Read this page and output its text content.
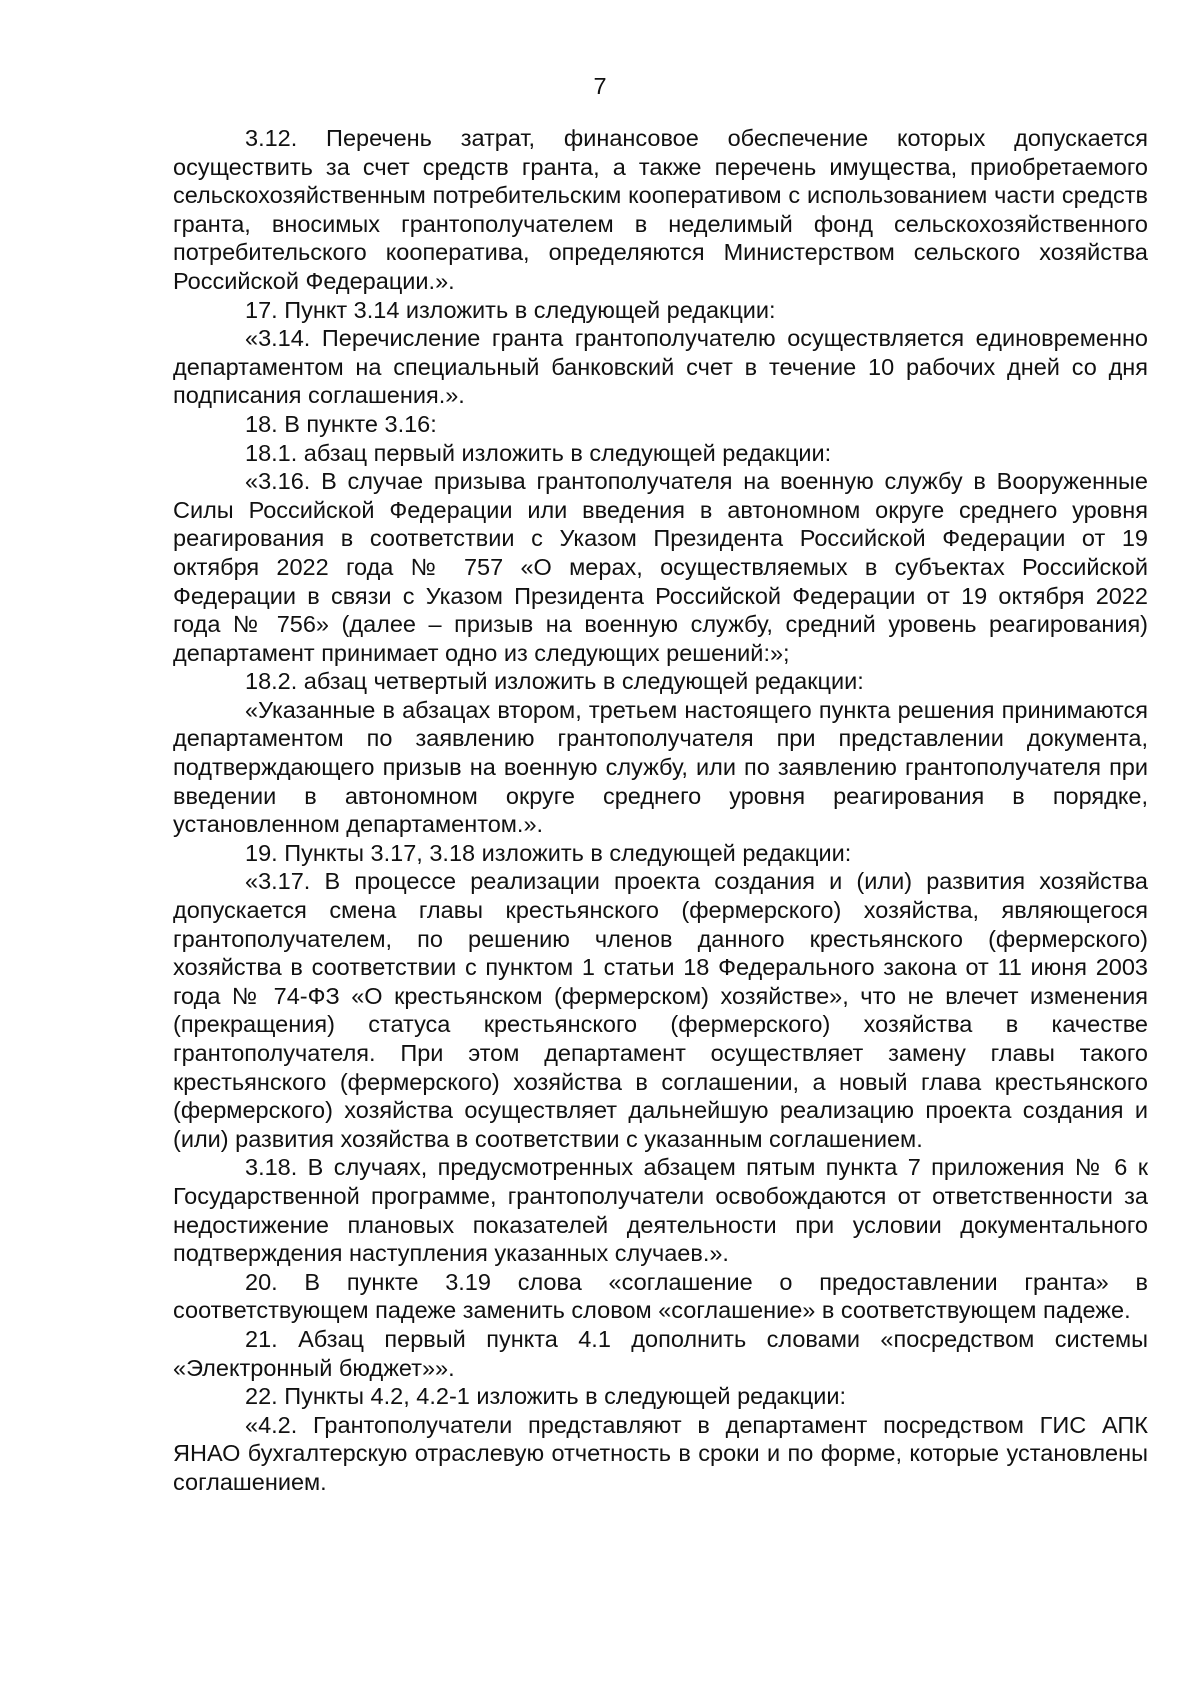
7

3.12. Перечень затрат, финансовое обеспечение которых допускается осуществить за счет средств гранта, а также перечень имущества, приобретаемого сельскохозяйственным потребительским кооперативом с использованием части средств гранта, вносимых грантополучателем в неделимый фонд сельскохозяйственного потребительского кооператива, определяются Министерством сельского хозяйства Российской Федерации.».

17. Пункт 3.14 изложить в следующей редакции:

«3.14. Перечисление гранта грантополучателю осуществляется единовременно департаментом на специальный банковский счет в течение 10 рабочих дней со дня подписания соглашения.».

18. В пункте 3.16:

18.1. абзац первый изложить в следующей редакции:

«3.16. В случае призыва грантополучателя на военную службу в Вооруженные Силы Российской Федерации или введения в автономном округе среднего уровня реагирования в соответствии с Указом Президента Российской Федерации от 19 октября 2022 года № 757 «О мерах, осуществляемых в субъектах Российской Федерации в связи с Указом Президента Российской Федерации от 19 октября 2022 года № 756» (далее – призыв на военную службу, средний уровень реагирования) департамент принимает одно из следующих решений:»;

18.2. абзац четвертый изложить в следующей редакции:

«Указанные в абзацах втором, третьем настоящего пункта решения принимаются департаментом по заявлению грантополучателя при представлении документа, подтверждающего призыв на военную службу, или по заявлению грантополучателя при введении в автономном округе среднего уровня реагирования в порядке, установленном департаментом.».

19. Пункты 3.17, 3.18 изложить в следующей редакции:

«3.17. В процессе реализации проекта создания и (или) развития хозяйства допускается смена главы крестьянского (фермерского) хозяйства, являющегося грантополучателем, по решению членов данного крестьянского (фермерского) хозяйства в соответствии с пунктом 1 статьи 18 Федерального закона от 11 июня 2003 года № 74-ФЗ «О крестьянском (фермерском) хозяйстве», что не влечет изменения (прекращения) статуса крестьянского (фермерского) хозяйства в качестве грантополучателя. При этом департамент осуществляет замену главы такого крестьянского (фермерского) хозяйства в соглашении, а новый глава крестьянского (фермерского) хозяйства осуществляет дальнейшую реализацию проекта создания и (или) развития хозяйства в соответствии с указанным соглашением.

3.18. В случаях, предусмотренных абзацем пятым пункта 7 приложения № 6 к Государственной программе, грантополучатели освобождаются от ответственности за недостижение плановых показателей деятельности при условии документального подтверждения наступления указанных случаев.».

20. В пункте 3.19 слова «соглашение о предоставлении гранта» в соответствующем падеже заменить словом «соглашение» в соответствующем падеже.

21. Абзац первый пункта 4.1 дополнить словами «посредством системы «Электронный бюджет»».

22. Пункты 4.2, 4.2-1 изложить в следующей редакции:

«4.2. Грантополучатели представляют в департамент посредством ГИС АПК ЯНАО бухгалтерскую отраслевую отчетность в сроки и по форме, которые установлены соглашением.
